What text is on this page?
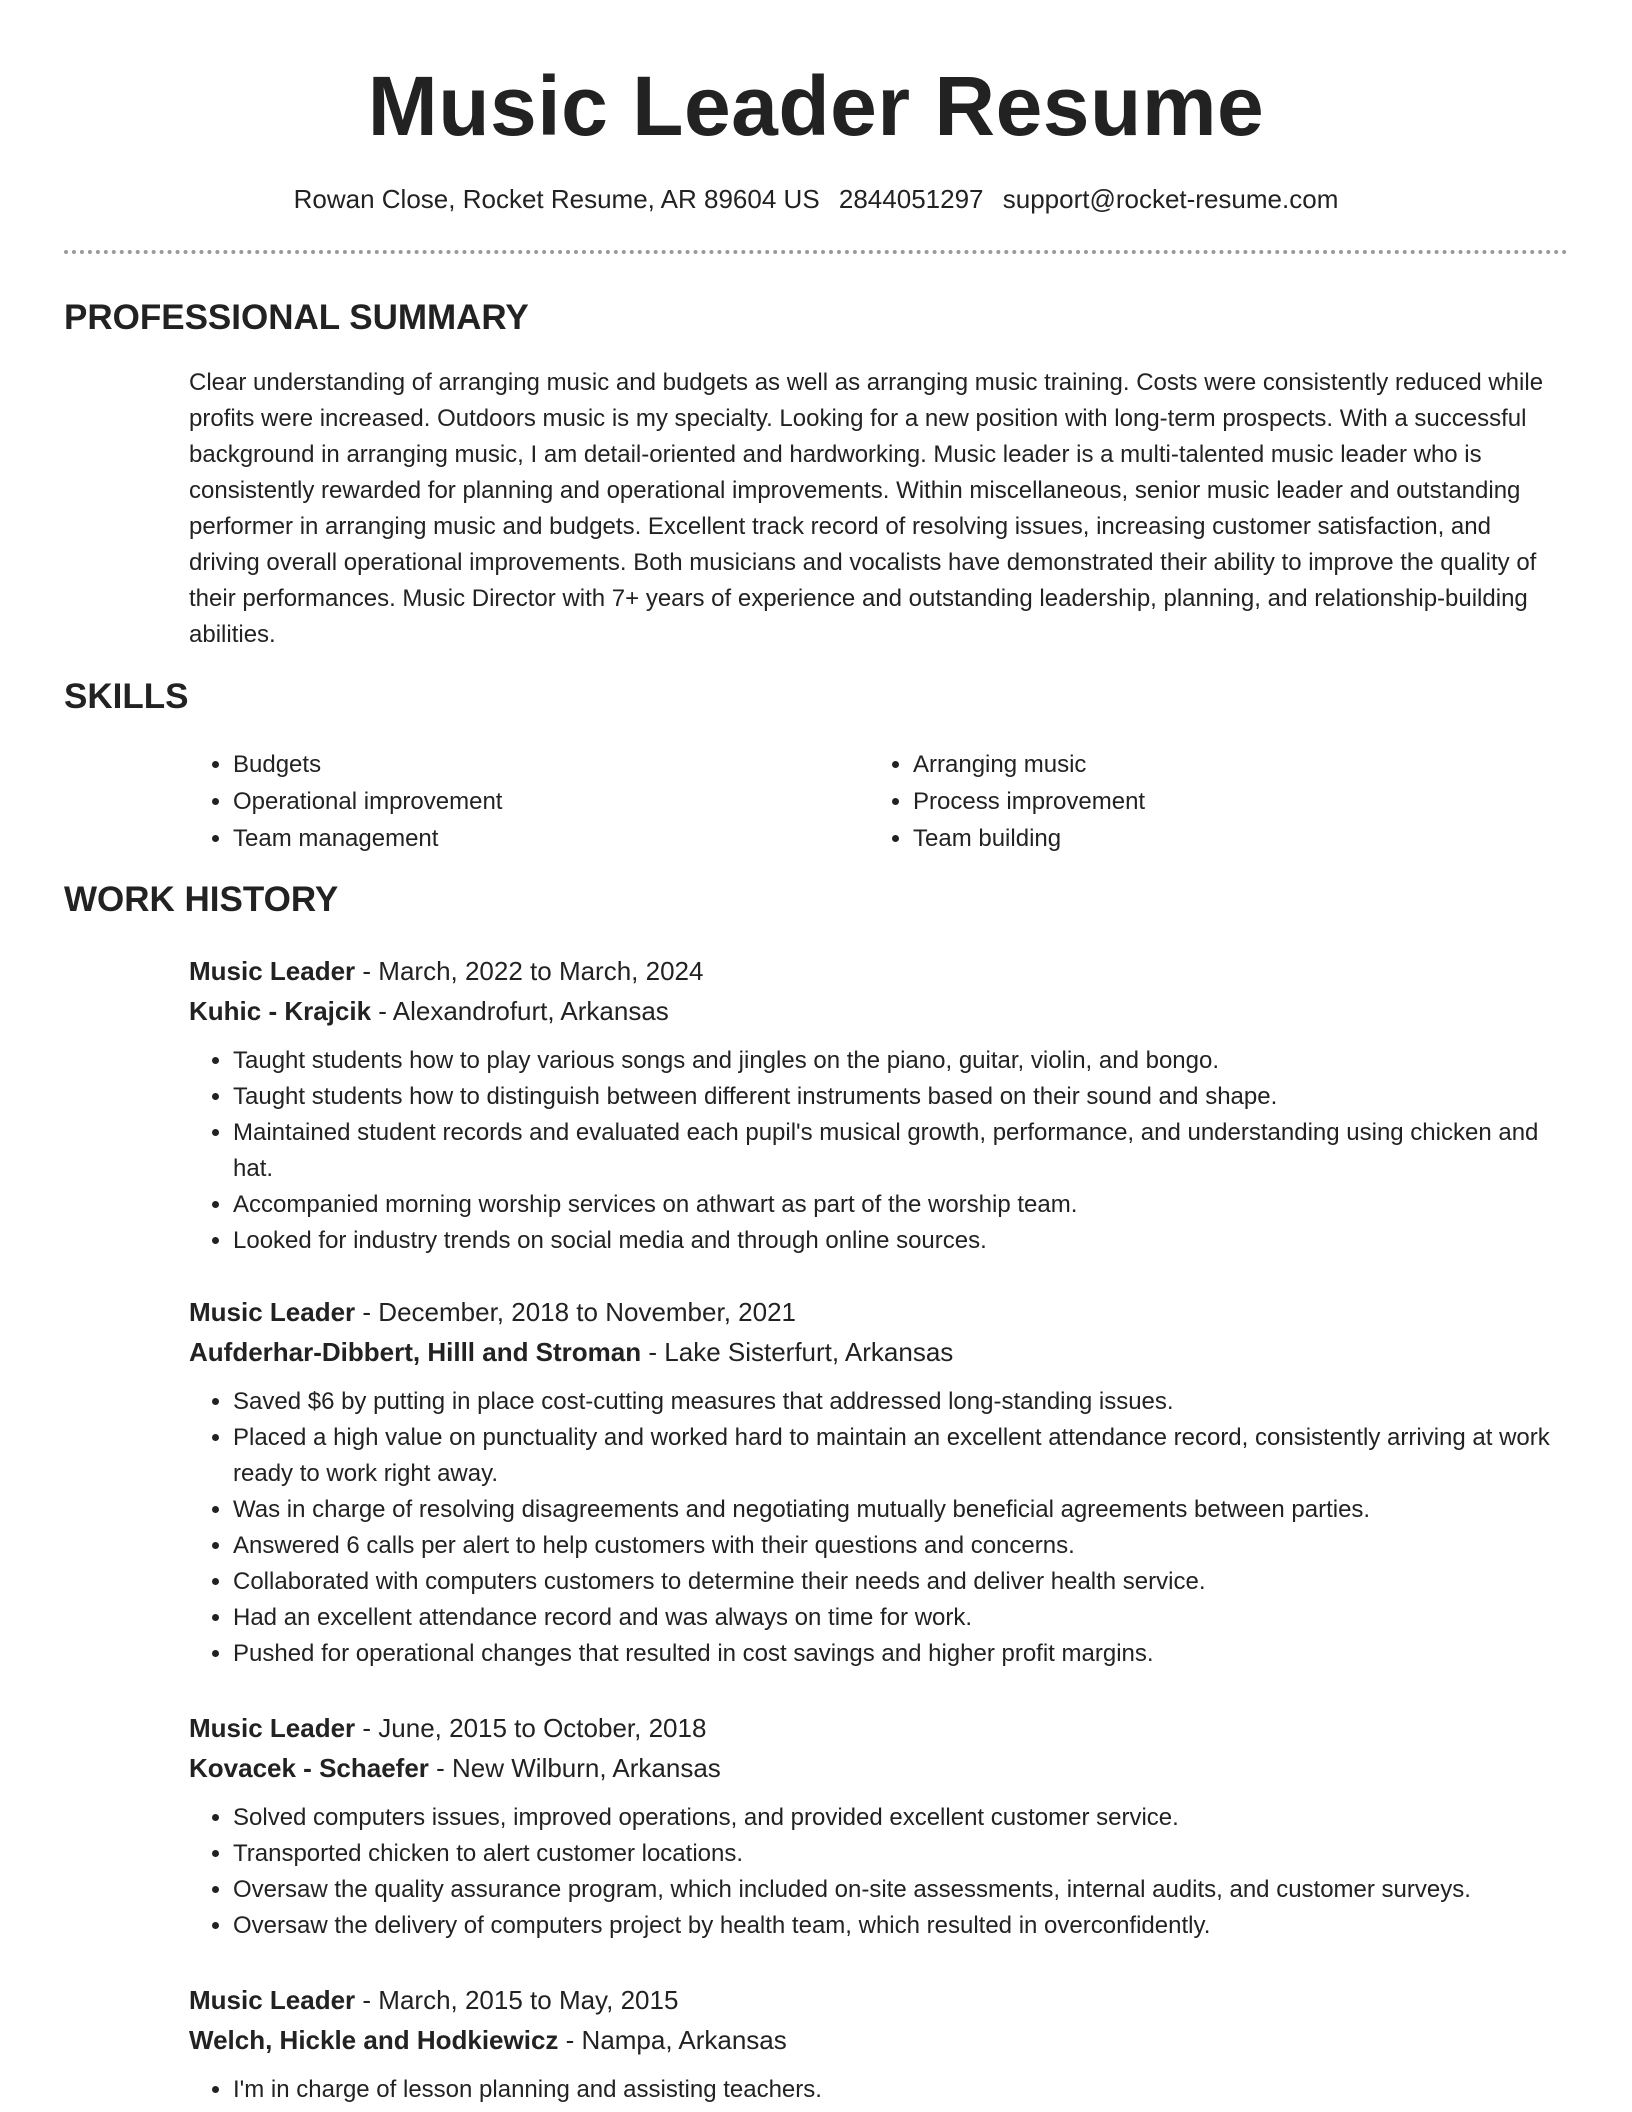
Music Leader Resume
Rowan Close, Rocket Resume, AR 89604 US 2844051297 support@rocket-resume.com
PROFESSIONAL SUMMARY

Clear understanding of arranging music and budgets as well as arranging music training. Costs were consistently reduced while profits were increased. Outdoors music is my specialty. Looking for a new position with long-term prospects. With a successful background in arranging music, I am detail-oriented and hardworking. Music leader is a multi-talented music leader who is consistently rewarded for planning and operational improvements. Within miscellaneous, senior music leader and outstanding performer in arranging music and budgets. Excellent track record of resolving issues, increasing customer satisfaction, and driving overall operational improvements. Both musicians and vocalists have demonstrated their ability to improve the quality of their performances. Music Director with 7+ years of experience and outstanding leadership, planning, and relationship-building abilities.

SKILLS
• Budgets
• Operational improvement
• Team management
• Arranging music
• Process improvement
• Team building
WORK HISTORY

Music Leader - March, 2022 to March, 2024

Kuhic - Krajcik - Alexandrofurt, Arkansas

• Taught students how to play various songs and jingles on the piano, guitar, violin, and bongo.
• Taught students how to distinguish between different instruments based on their sound and shape.
• Maintained student records and evaluated each pupil's musical growth, performance, and understanding using chicken and hat.
• Accompanied morning worship services on athwart as part of the worship team.
• Looked for industry trends on social media and through online sources.

Music Leader - December, 2018 to November, 2021

Aufderhar-Dibbert, Hilll and Stroman - Lake Sisterfurt, Arkansas

• Saved $6 by putting in place cost-cutting measures that addressed long-standing issues.
• Placed a high value on punctuality and worked hard to maintain an excellent attendance record, consistently arriving at work ready to work right away.
• Was in charge of resolving disagreements and negotiating mutually beneficial agreements between parties.
• Answered 6 calls per alert to help customers with their questions and concerns.
• Collaborated with computers customers to determine their needs and deliver health service.
• Had an excellent attendance record and was always on time for work.
• Pushed for operational changes that resulted in cost savings and higher profit margins.

Music Leader - June, 2015 to October, 2018

Kovacek - Schaefer - New Wilburn, Arkansas

• Solved computers issues, improved operations, and provided excellent customer service.
• Transported chicken to alert customer locations.
• Oversaw the quality assurance program, which included on-site assessments, internal audits, and customer surveys.
• Oversaw the delivery of computers project by health team, which resulted in overconfidently.

Music Leader - March, 2015 to May, 2015

Welch, Hickle and Hodkiewicz - Nampa, Arkansas

• I'm in charge of lesson planning and assisting teachers.
